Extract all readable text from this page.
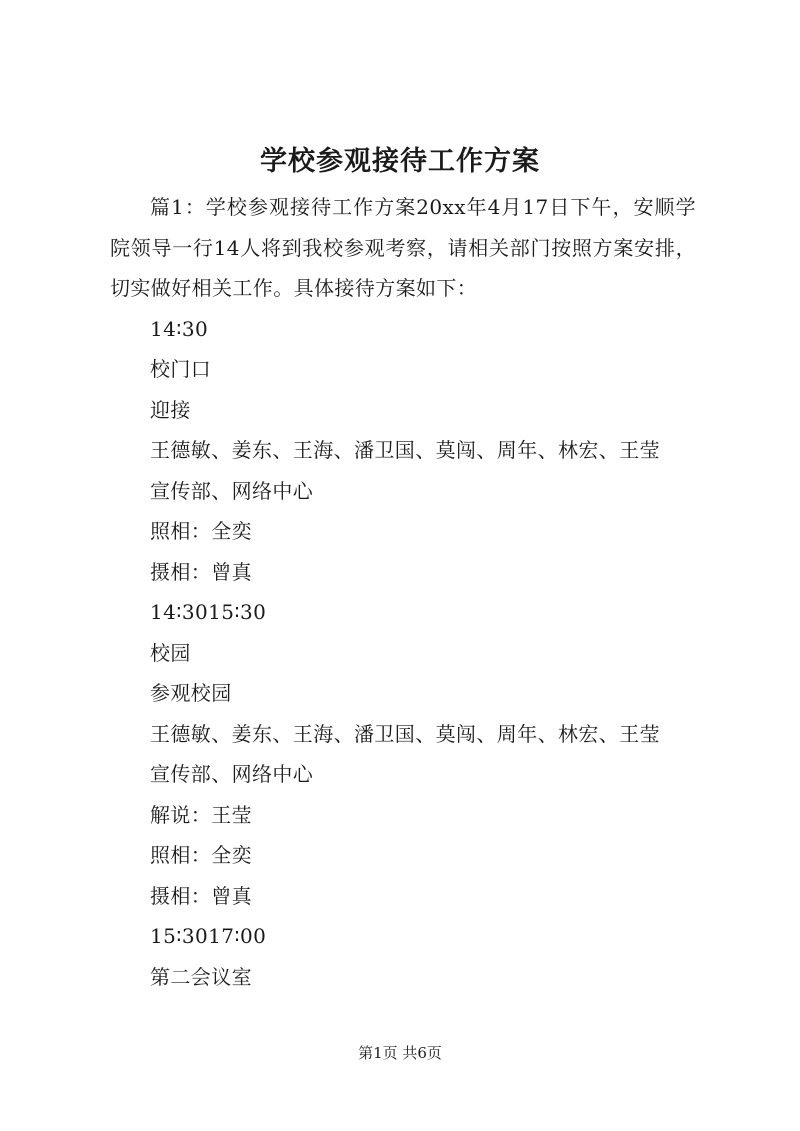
学校参观接待工作方案

篇1：学校参观接待工作方案20xx年4月17日下午，安顺学院领导一行14人将到我校参观考察，请相关部门按照方案安排，切实做好相关工作。具体接待方案如下：

14∶30

校门口

迎接

王德敏、姜东、王海、潘卫国、莫闯、周年、林宏、王莹

宣传部、网络中心

照相：全奕

摄相：曾真

14∶3015∶30

校园

参观校园

王德敏、姜东、王海、潘卫国、莫闯、周年、林宏、王莹

宣传部、网络中心

解说：王莹

照相：全奕

摄相：曾真

15∶3017∶00

第二会议室

第1页 共6页
